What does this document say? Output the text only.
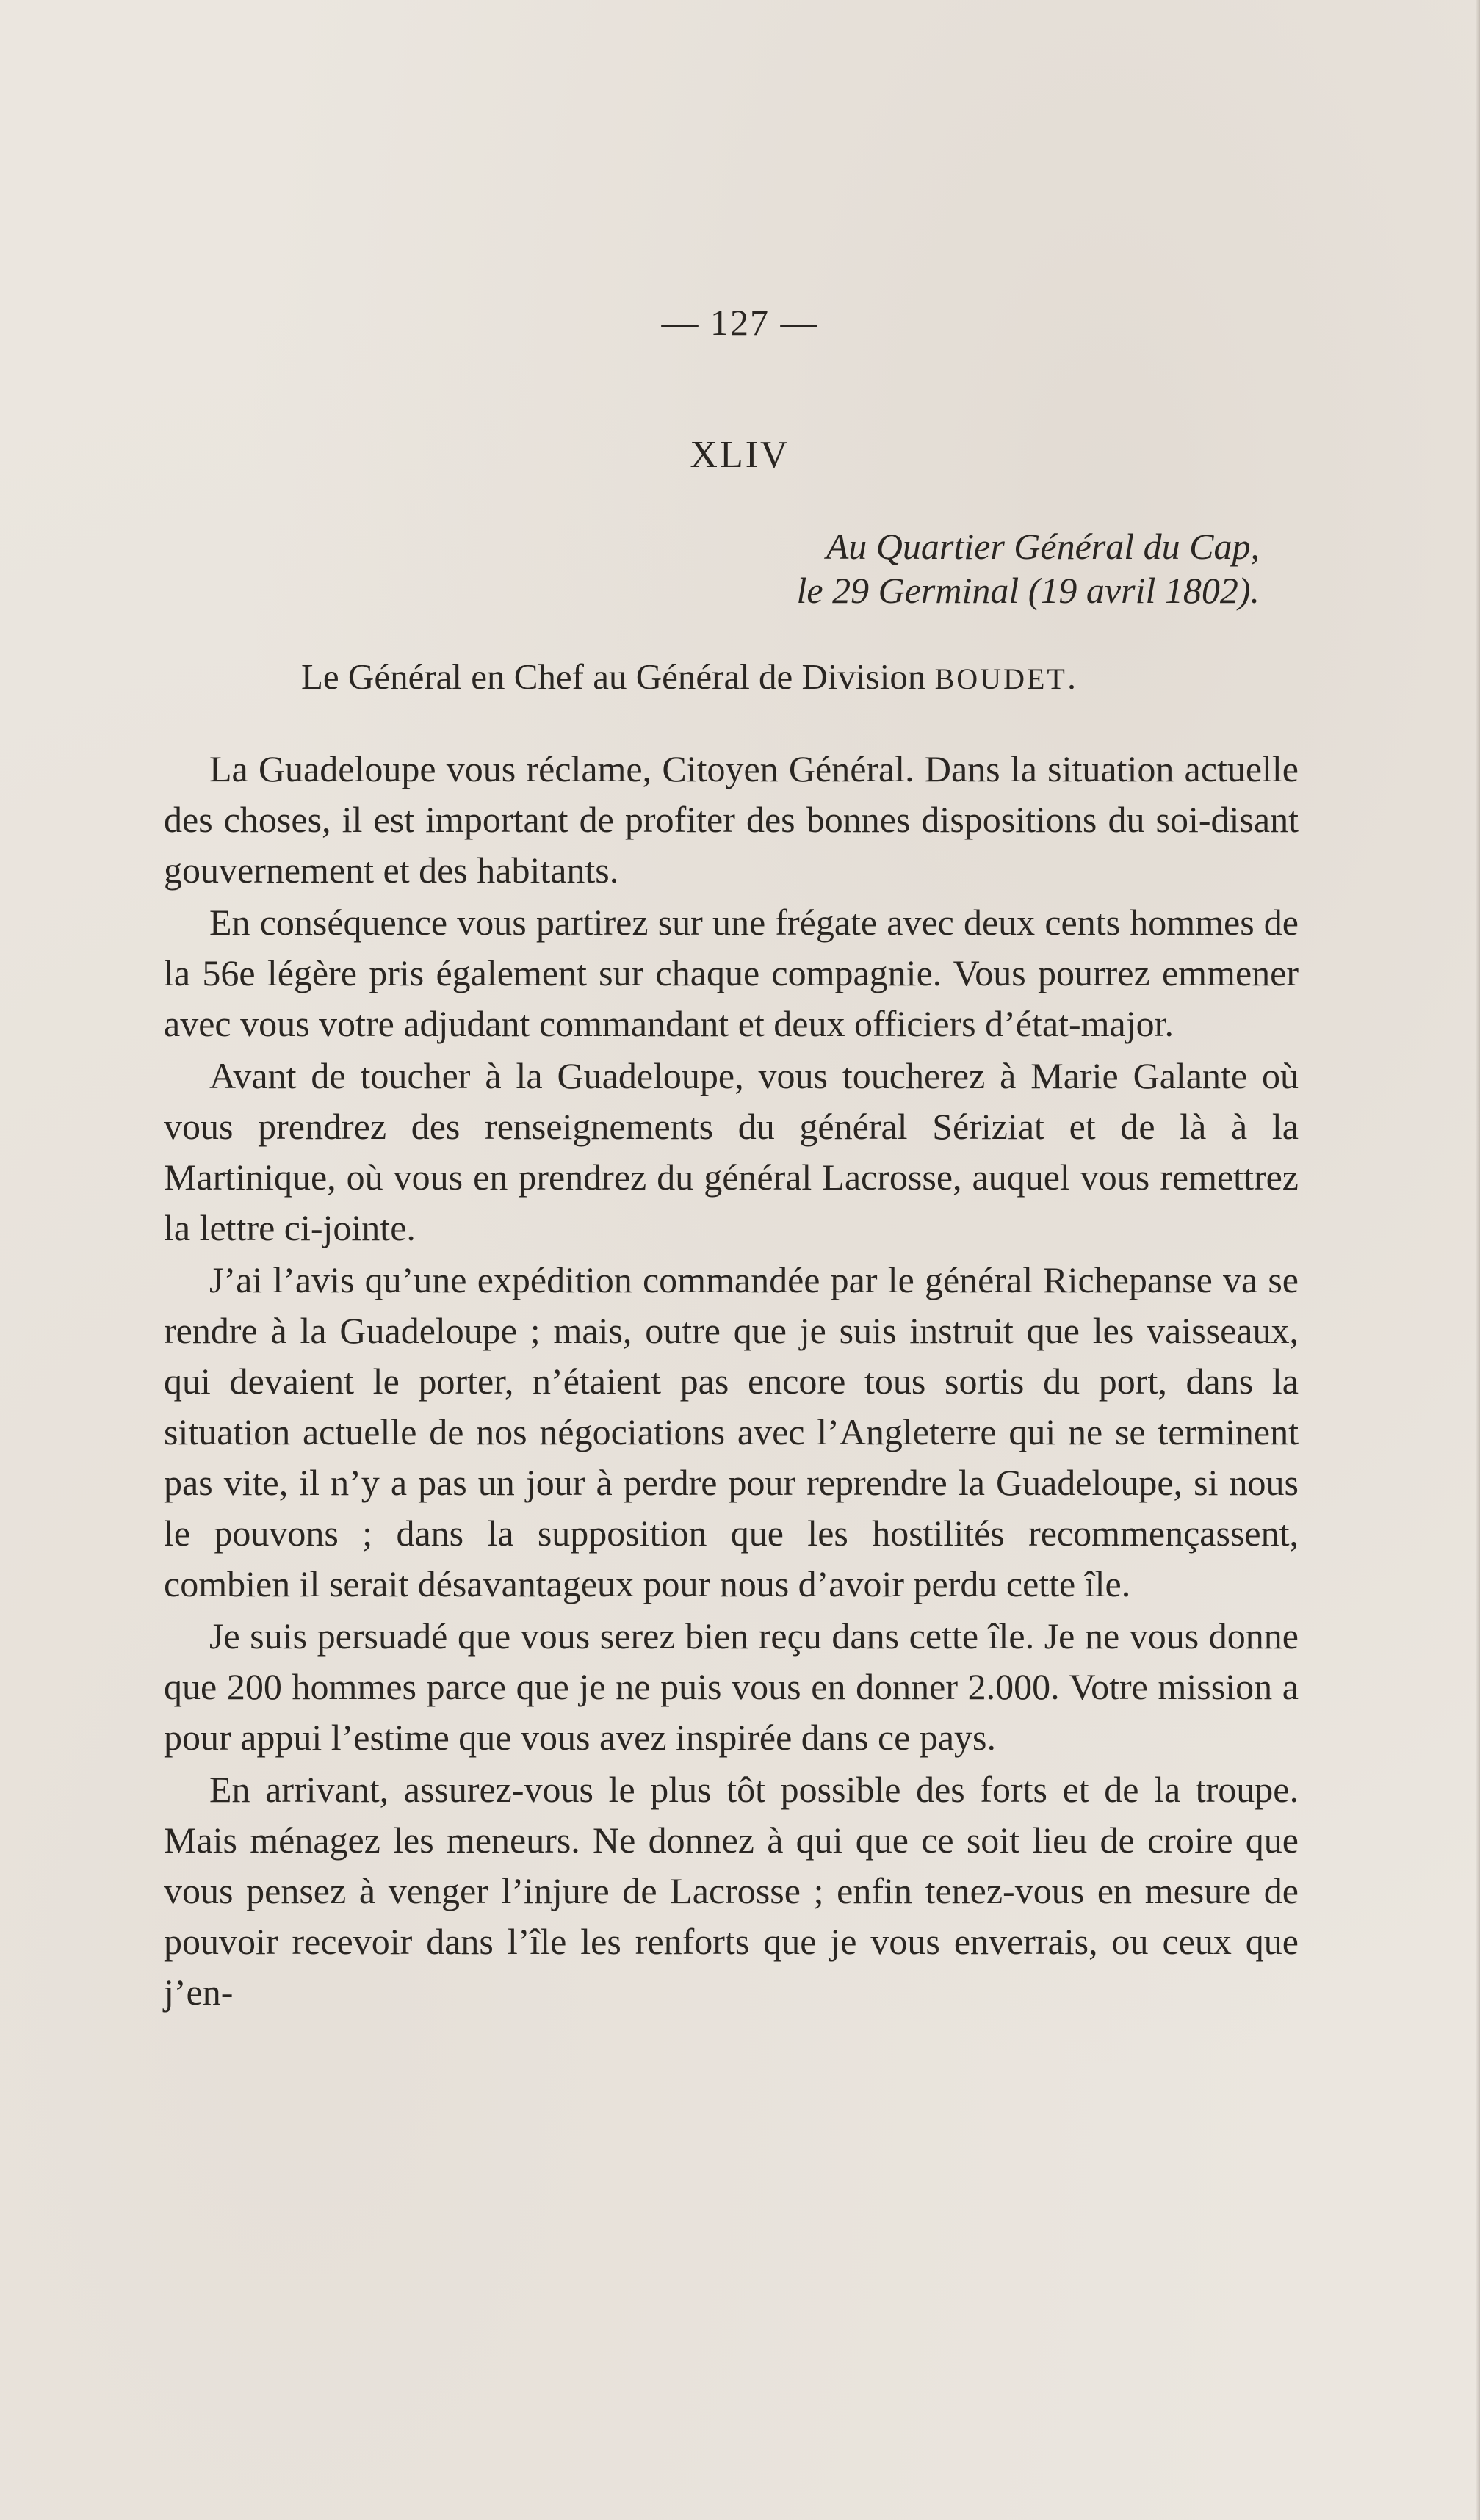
— 127 —
XLIV
Au Quartier Général du Cap,
le 29 Germinal (19 avril 1802).
Le Général en Chef au Général de Division BOUDET.

La Guadeloupe vous réclame, Citoyen Général. Dans la situation actuelle des choses, il est important de profiter des bonnes dispositions du soi-disant gouvernement et des habitants.

En conséquence vous partirez sur une frégate avec deux cents hommes de la 56e légère pris également sur chaque compagnie. Vous pourrez emmener avec vous votre adjudant commandant et deux officiers d’état-major.

Avant de toucher à la Guadeloupe, vous toucherez à Marie Galante où vous prendrez des renseignements du général Sériziat et de là à la Martinique, où vous en prendrez du général Lacrosse, auquel vous remettrez la lettre ci-jointe.

J’ai l’avis qu’une expédition commandée par le général Richepanse va se rendre à la Guadeloupe ; mais, outre que je suis instruit que les vaisseaux, qui devaient le porter, n’étaient pas encore tous sortis du port, dans la situation actuelle de nos négociations avec l’Angleterre qui ne se terminent pas vite, il n’y a pas un jour à perdre pour reprendre la Guadeloupe, si nous le pouvons ; dans la supposition que les hostilités recommençassent, combien il serait désavantageux pour nous d’avoir perdu cette île.

Je suis persuadé que vous serez bien reçu dans cette île. Je ne vous donne que 200 hommes parce que je ne puis vous en donner 2.000. Votre mission a pour appui l’estime que vous avez inspirée dans ce pays.

En arrivant, assurez-vous le plus tôt possible des forts et de la troupe. Mais ménagez les meneurs. Ne donnez à qui que ce soit lieu de croire que vous pensez à venger l’injure de Lacrosse ; enfin tenez-vous en mesure de pouvoir recevoir dans l’île les renforts que je vous enverrais, ou ceux que j’en-
